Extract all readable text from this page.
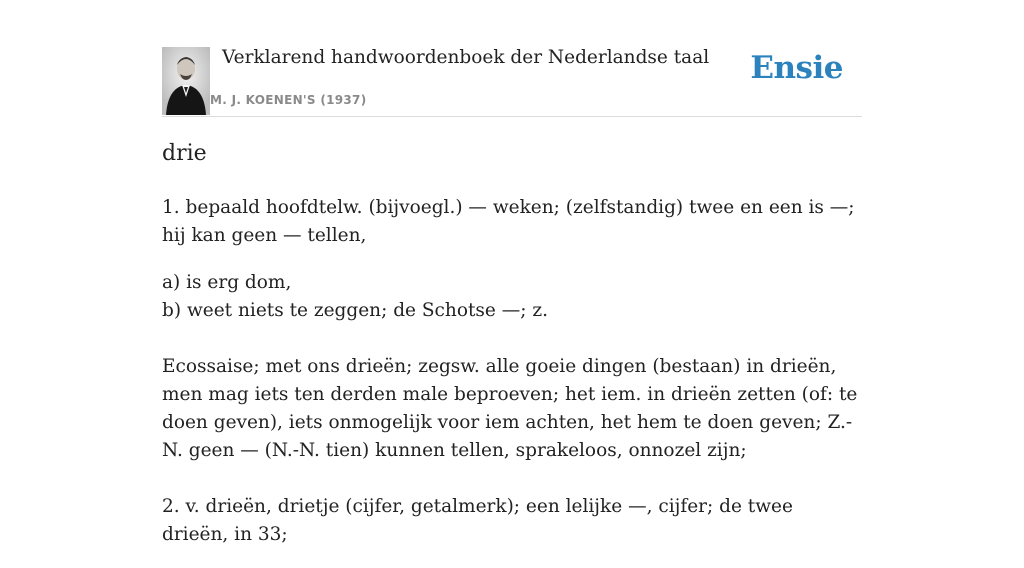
Verklarend handwoordenboek der Nederlandse taal
M. J. KOENEN'S (1937)
Ensie
drie

1. bepaald hoofdtelw. (bijvoegl.) — weken; (zelfstandig) twee en een is —; hij kan geen — tellen,

a) is erg dom,

b) weet niets te zeggen; de Schotse —; z.

Ecossaise; met ons drieën; zegsw. alle goeie dingen (bestaan) in drieën, men mag iets ten derden male beproeven; het iem. in drieën zetten (of: te doen geven), iets onmogelijk voor iem achten, het hem te doen geven; Z.-N. geen — (N.-N. tien) kunnen tellen, sprakeloos, onnozel zijn;

2. v. drieën, drietje (cijfer, getalmerk); een lelijke —, cijfer; de twee drieën, in 33;
